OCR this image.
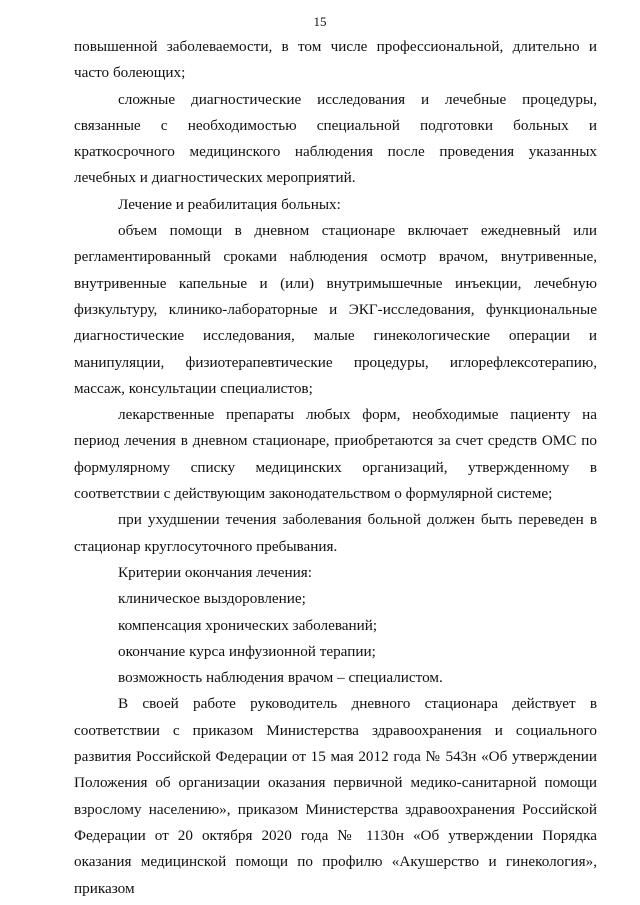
15

повышенной заболеваемости, в том числе профессиональной, длительно и часто болеющих;

сложные диагностические исследования и лечебные процедуры, связанные с необходимостью специальной подготовки больных и краткосрочного медицинского наблюдения после проведения указанных лечебных и диагностических мероприятий.

Лечение и реабилитация больных:

объем помощи в дневном стационаре включает ежедневный или регламентированный сроками наблюдения осмотр врачом, внутривенные, внутривенные капельные и (или) внутримышечные инъекции, лечебную физкультуру, клинико-лабораторные и ЭКГ-исследования, функциональные диагностические исследования, малые гинекологические операции и манипуляции, физиотерапевтические процедуры, иглорефлексотерапию, массаж, консультации специалистов;

лекарственные препараты любых форм, необходимые пациенту на период лечения в дневном стационаре, приобретаются за счет средств ОМС по формулярному списку медицинских организаций, утвержденному в соответствии с действующим законодательством о формулярной системе;

при ухудшении течения заболевания больной должен быть переведен в стационар круглосуточного пребывания.

Критерии окончания лечения:

клиническое выздоровление;

компенсация хронических заболеваний;

окончание курса инфузионной терапии;

возможность наблюдения врачом – специалистом.

В своей работе руководитель дневного стационара действует в соответствии с приказом Министерства здравоохранения и социального развития Российской Федерации от 15 мая 2012 года № 543н «Об утверждении Положения об организации оказания первичной медико-санитарной помощи взрослому населению», приказом Министерства здравоохранения Российской Федерации от 20 октября 2020 года № 1130н «Об утверждении Порядка оказания медицинской помощи по профилю «Акушерство и гинекология», приказом
